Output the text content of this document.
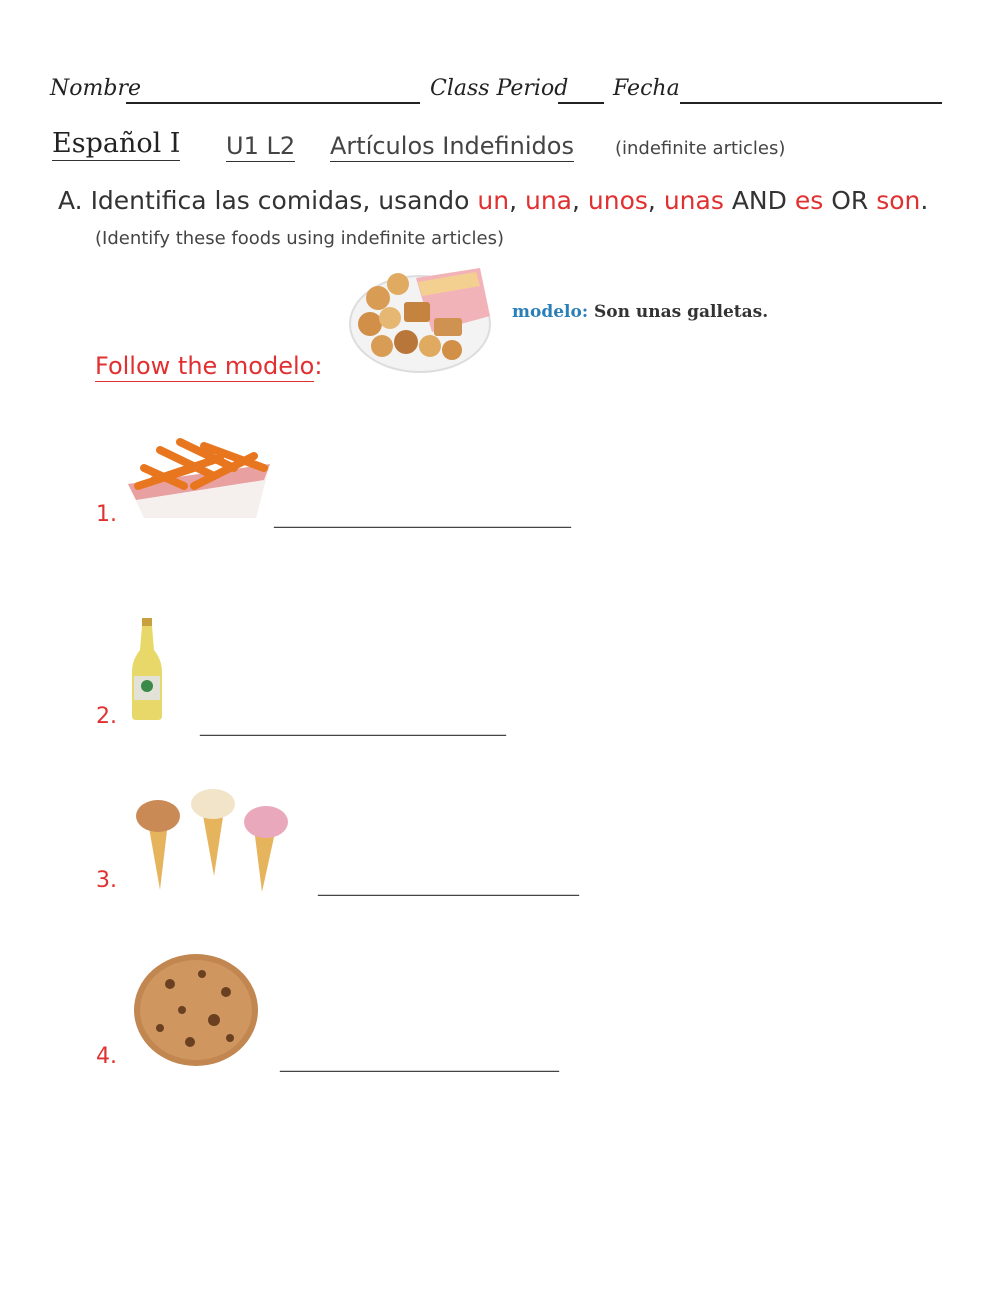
Nombre	Class Period Fecha
Español I U1 L2 Artículos Indefinidos (indefinite articles)
A. Identifica las comidas, usando un, una, unos, unas AND es OR son.
(Identify these foods using indefinite articles)
modelo: Son unas galletas.
Follow the modelo:
1.	_________________________________
2.	__________________________________
3.	_____________________________
4.	_______________________________
